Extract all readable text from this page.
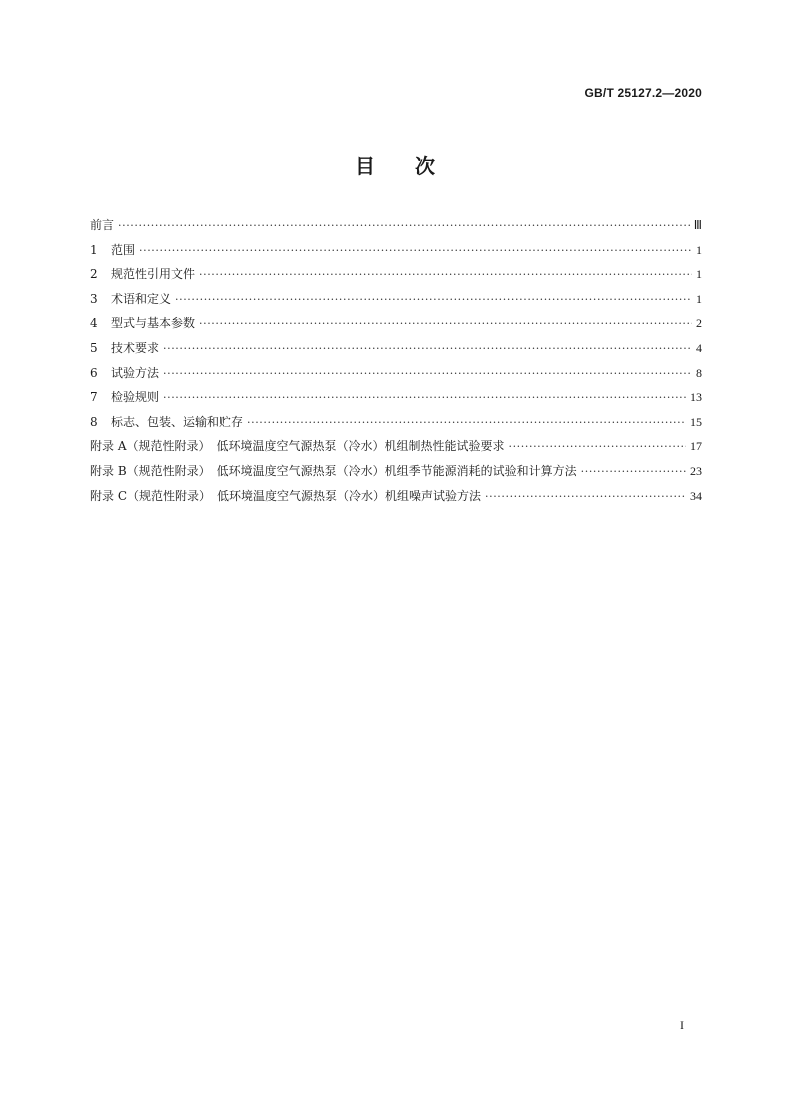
GB/T 25127.2—2020
目 次
前言 ·····	Ⅲ
1 范围 ·····	1
2 规范性引用文件 ·····	1
3 术语和定义 ·····	1
4 型式与基本参数 ·····	2
5 技术要求 ·····	4
6 试验方法 ·····	8
7 检验规则 ·····	13
8 标志、包装、运输和贮存 ·····	15
附录 A（规范性附录）　低环境温度空气源热泵（冷水）机组制热性能试验要求 ·····	17
附录 B（规范性附录）　低环境温度空气源热泵（冷水）机组季节能源消耗的试验和计算方法 ·····	23
附录 C（规范性附录）　低环境温度空气源热泵（冷水）机组噪声试验方法 ·····	34
I
